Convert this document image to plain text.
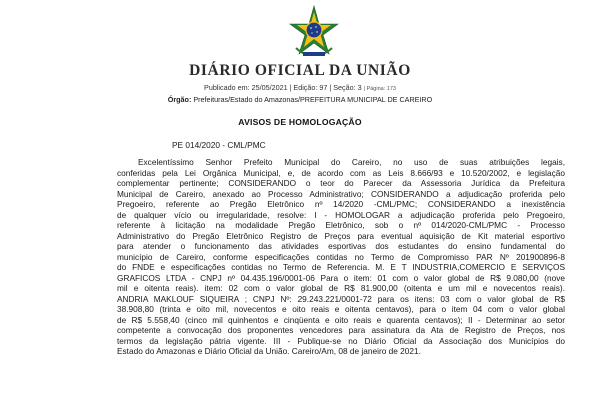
DIÁRIO OFICIAL DA UNIÃO
Publicado em: 25/05/2021 | Edição: 97 | Seção: 3 | Página: 173
Órgão: Prefeituras/Estado do Amazonas/PREFEITURA MUNICIPAL DE CAREIRO
AVISOS DE HOMOLOGAÇÃO
PE 014/2020 - CML/PMC
Excelentíssimo Senhor Prefeito Municipal do Careiro, no uso de suas atribuições legais,
conferidas pela Lei Orgânica Municipal, e, de acordo com as Leis 8.666/93 e 10.520/2002, e legislação
complementar pertinente; CONSIDERANDO o teor do Parecer da Assessoria Jurídica da Prefeitura
Municipal de Careiro, anexado ao Processo Administrativo; CONSIDERANDO a adjudicação proferida pelo
Pregoeiro, referente ao Pregão Eletrônico nº 14/2020 -CML/PMC; CONSIDERANDO a inexistência
de qualquer vício ou irregularidade, resolve: I - HOMOLOGAR a adjudicação proferida pelo Pregoeiro,
referente à licitação na modalidade Pregão Eletrônico, sob o nº 014/2020-CML/PMC - Processo
Administrativo do Pregão Eletrônico Registro de Preços para eventual aquisição de Kit material esportivo
para atender o funcionamento das atividades esportivas dos estudantes do ensino fundamental do
município de Careiro, conforme especificações contidas no Termo de Compromisso PAR Nº 201900896-8
do FNDE e especificações contidas no Termo de Referencia. M. E T INDUSTRIA,COMERCIO E SERVIÇOS
GRAFICOS LTDA - CNPJ nº 04.435.196/0001-06 Para o item: 01 com o valor global de R$ 9.080,00 (nove
mil e oitenta reais). item: 02 com o valor global de R$ 81.900,00 (oitenta e um mil e novecentos reais).
ANDRIA MAKLOUF SIQUEIRA ; CNPJ Nº: 29.243.221/0001-72 para os itens: 03 com o valor global de R$
38.908,80 (trinta e oito mil, novecentos e oito reais e oitenta centavos), para o item 04 com o valor global
de R$ 5.558,40 (cinco mil quinhentos e cinqüenta e oito reais e quarenta centavos); II - Determinar ao setor
competente a convocação dos proponentes vencedores para assinatura da Ata de Registro de Preços, nos
termos da legislação pátria vigente. III - Publique-se no Diário Oficial da Associação dos Municípios do
Estado do Amazonas e Diário Oficial da União. Careiro/Am, 08 de janeiro de 2021.
